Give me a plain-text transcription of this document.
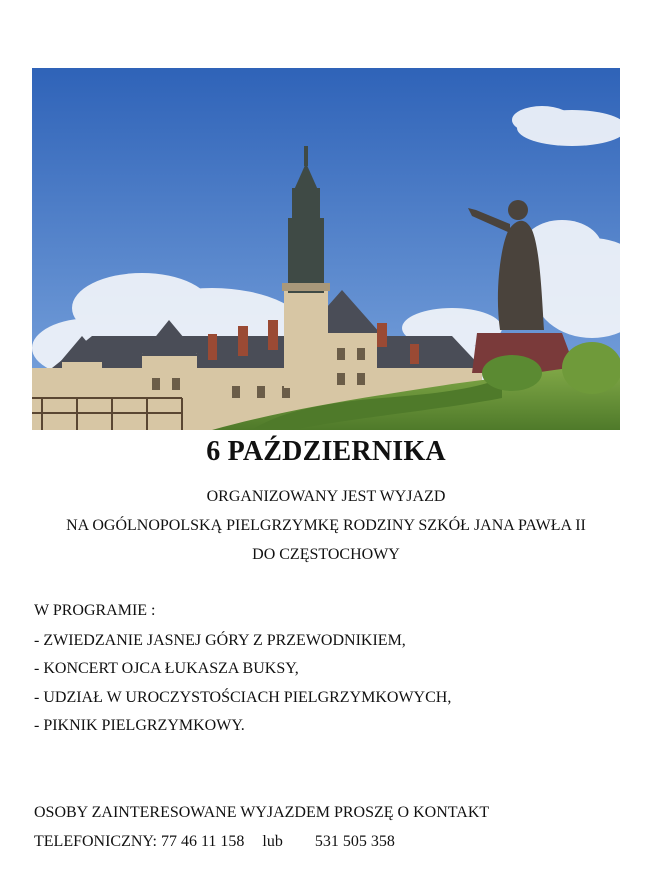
6 PAŹDZIERNIKA

ORGANIZOWANY JEST WYJAZD

NA OGÓLNOPOLSKĄ PIELGRZYMKĘ RODZINY SZKÓŁ JANA PAWŁA II

DO CZĘSTOCHOWY

W PROGRAMIE :

- ZWIEDZANIE JASNEJ GÓRY Z PRZEWODNIKIEM,

- KONCERT OJCA ŁUKASZA BUKSY,

- UDZIAŁ W UROCZYSTOŚCIACH PIELGRZYMKOWYCH,

- PIKNIK PIELGRZYMKOWY.

OSOBY ZAINTERESOWANE WYJAZDEM PROSZĘ O KONTAKT

TELEFONICZNY: 77 46 11 158 lub 531 505 358
